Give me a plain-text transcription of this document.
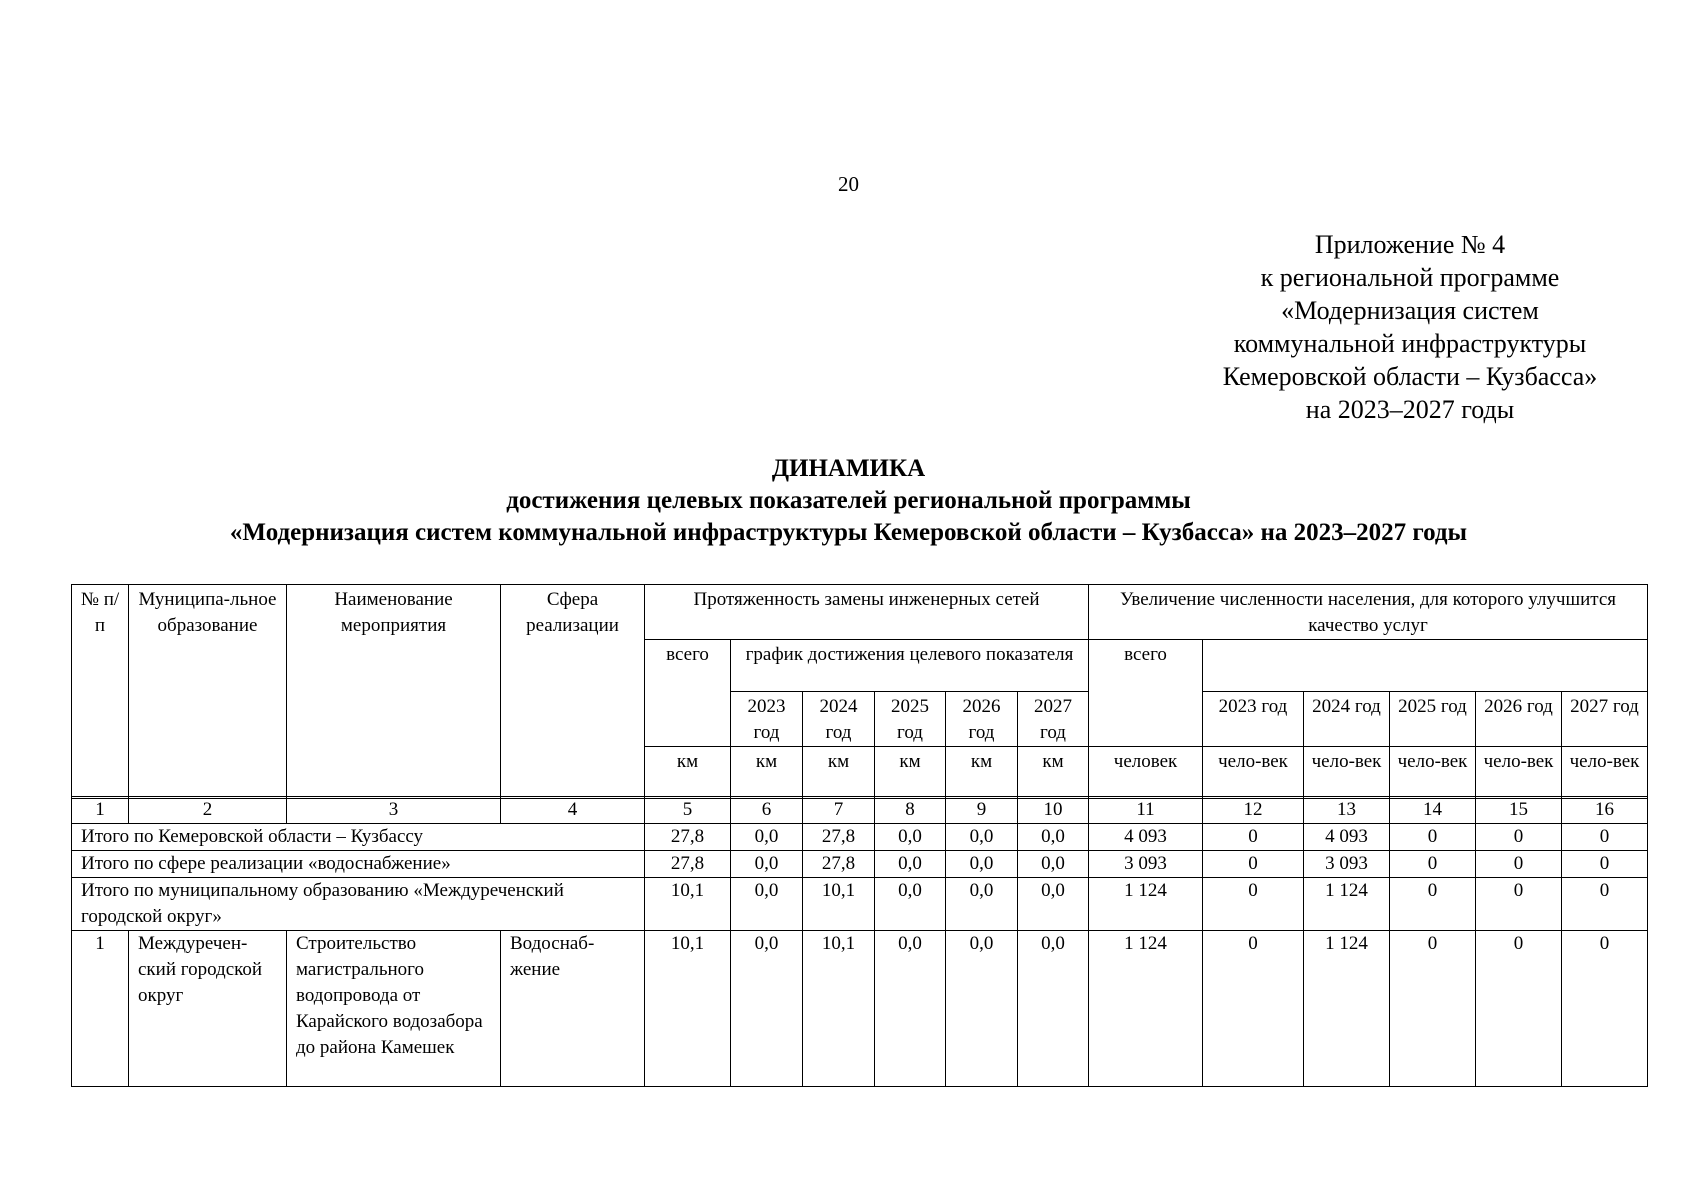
20
Приложение № 4
к региональной программе
«Модернизация систем
коммунальной инфраструктуры
Кемеровской области – Кузбасса»
на 2023–2027 годы
ДИНАМИКА
достижения целевых показателей региональной программы
«Модернизация систем коммунальной инфраструктуры Кемеровской области – Кузбасса» на 2023–2027 годы
№ п/п	Муниципа-льное образование	Наименование мероприятия	Сфера реализации	Протяженность замены инженерных сетей						Увеличение численности населения, для которого улучшится качество услуг					
				всего	график достижения целевого показателя					всего					
					2023 год	2024 год	2025 год	2026 год	2027 год		2023 год	2024 год	2025 год	2026 год	2027 год
				км	км	км	км	км	км	человек	чело-век	чело-век	чело-век	чело-век	чело-век
1	2	3	4	5	6	7	8	9	10	11	12	13	14	15	16
Итого по Кемеровской области – Кузбассу				27,8	0,0	27,8	0,0	0,0	0,0	4 093	0	4 093	0	0	0
Итого по сфере реализации «водоснабжение»				27,8	0,0	27,8	0,0	0,0	0,0	3 093	0	3 093	0	0	0
Итого по муниципальному образованию «Междуреченский городской округ»				10,1	0,0	10,1	0,0	0,0	0,0	1 124	0	1 124	0	0	0
1	Междуречен-ский городской округ	Строительство магистрального водопровода от Карайского водозабора до района Камешек	Водоснаб-жение	10,1	0,0	10,1	0,0	0,0	0,0	1 124	0	1 124	0	0	0
